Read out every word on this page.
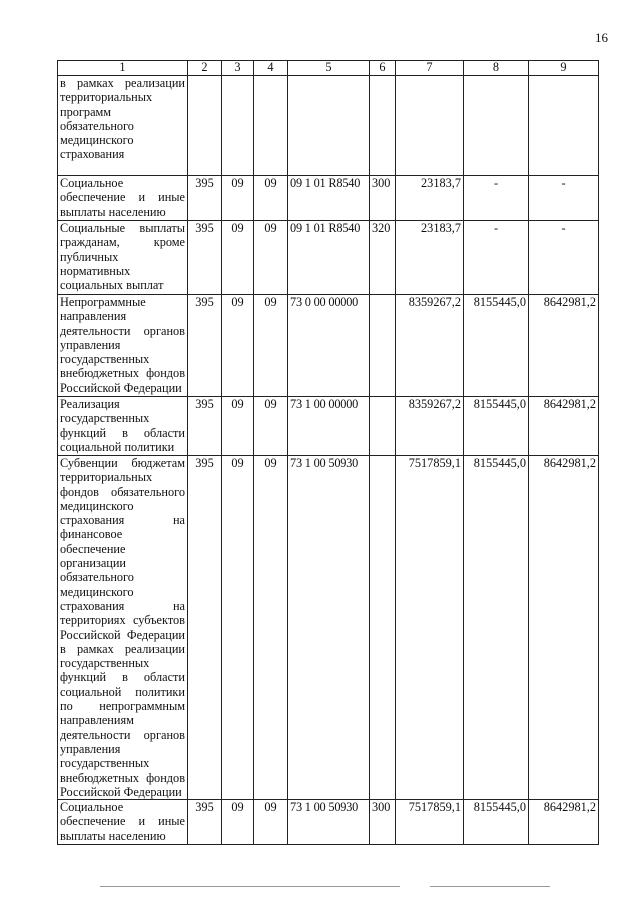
16
1	2	3	4	5	6	7	8	9
в рамках реализации территориальных программ обязательного медицинского страхования								
Социальное обеспечение и иные выплаты населению	395	09	09	09 1 01 R8540	300	23183,7	-	-
Социальные выплаты гражданам, кроме публичных нормативных социальных выплат	395	09	09	09 1 01 R8540	320	23183,7	-	-
Непрограммные направления деятельности органов управления государственных внебюджетных фондов Российской Федерации	395	09	09	73 0 00 00000		8359267,2	8155445,0	8642981,2
Реализация государственных функций в области социальной политики	395	09	09	73 1 00 00000		8359267,2	8155445,0	8642981,2
Субвенции бюджетам территориальных фондов обязательного медицинского страхования на финансовое обеспечение организации обязательного медицинского страхования на территориях субъектов Российской Федерации в рамках реализации государственных функций в области социальной политики по непрограммным направлениям деятельности органов управления государственных внебюджетных фондов Российской Федерации	395	09	09	73 1 00 50930		7517859,1	8155445,0	8642981,2
Социальное обеспечение и иные выплаты населению	395	09	09	73 1 00 50930	300	7517859,1	8155445,0	8642981,2
